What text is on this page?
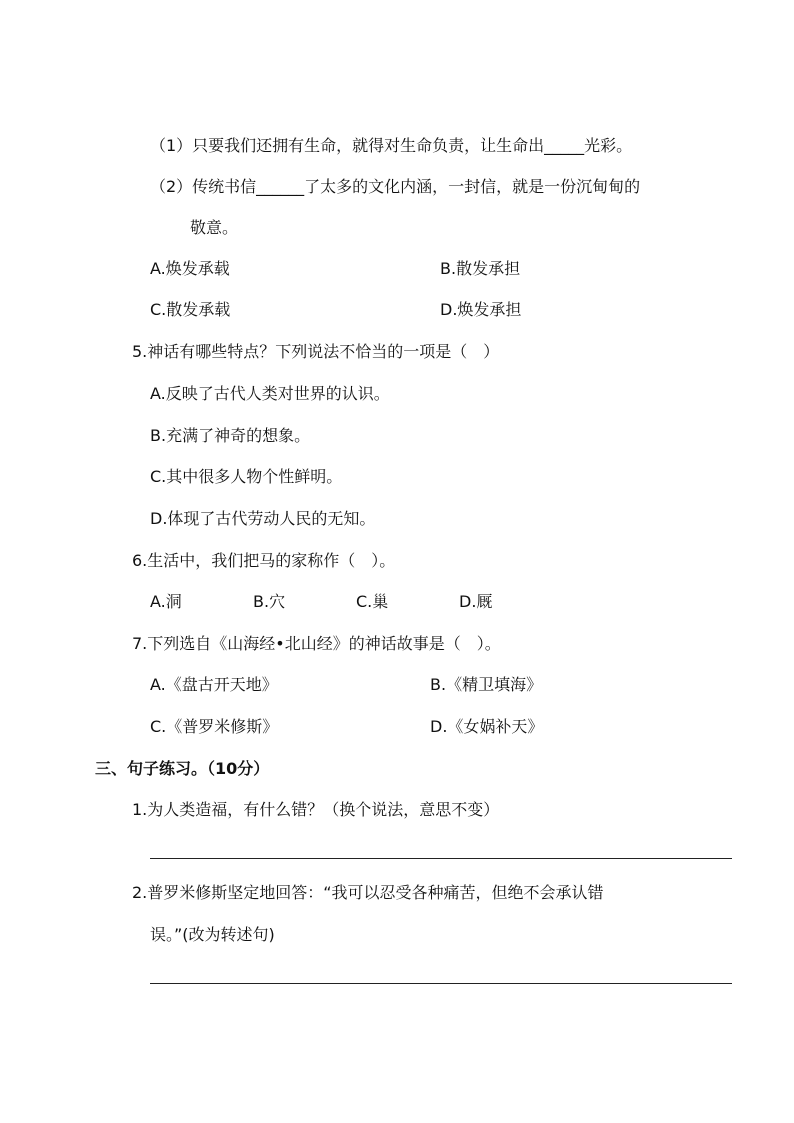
（1）只要我们还拥有生命，就得对生命负责，让生命出_____光彩。
（2）传统书信______了太多的文化内涵，一封信，就是一份沉甸甸的
敬意。
A.焕发承载	B.散发承担
C.散发承载	D.焕发承担
5.神话有哪些特点？下列说法不恰当的一项是（　）
A.反映了古代人类对世界的认识。
B.充满了神奇的想象。
C.其中很多人物个性鲜明。
D.体现了古代劳动人民的无知。
6.生活中，我们把马的家称作（　）。
A.洞	B.穴	C.巢	D.厩
7.下列选自《山海经•北山经》的神话故事是（　）。
A.《盘古开天地》	B.《精卫填海》
C.《普罗米修斯》	D.《女娲补天》
三、句子练习。（10分）
1.为人类造福，有什么错？（换个说法，意思不变）
2.普罗米修斯坚定地回答：“我可以忍受各种痛苦，但绝不会承认错
误。”(改为转述句)
